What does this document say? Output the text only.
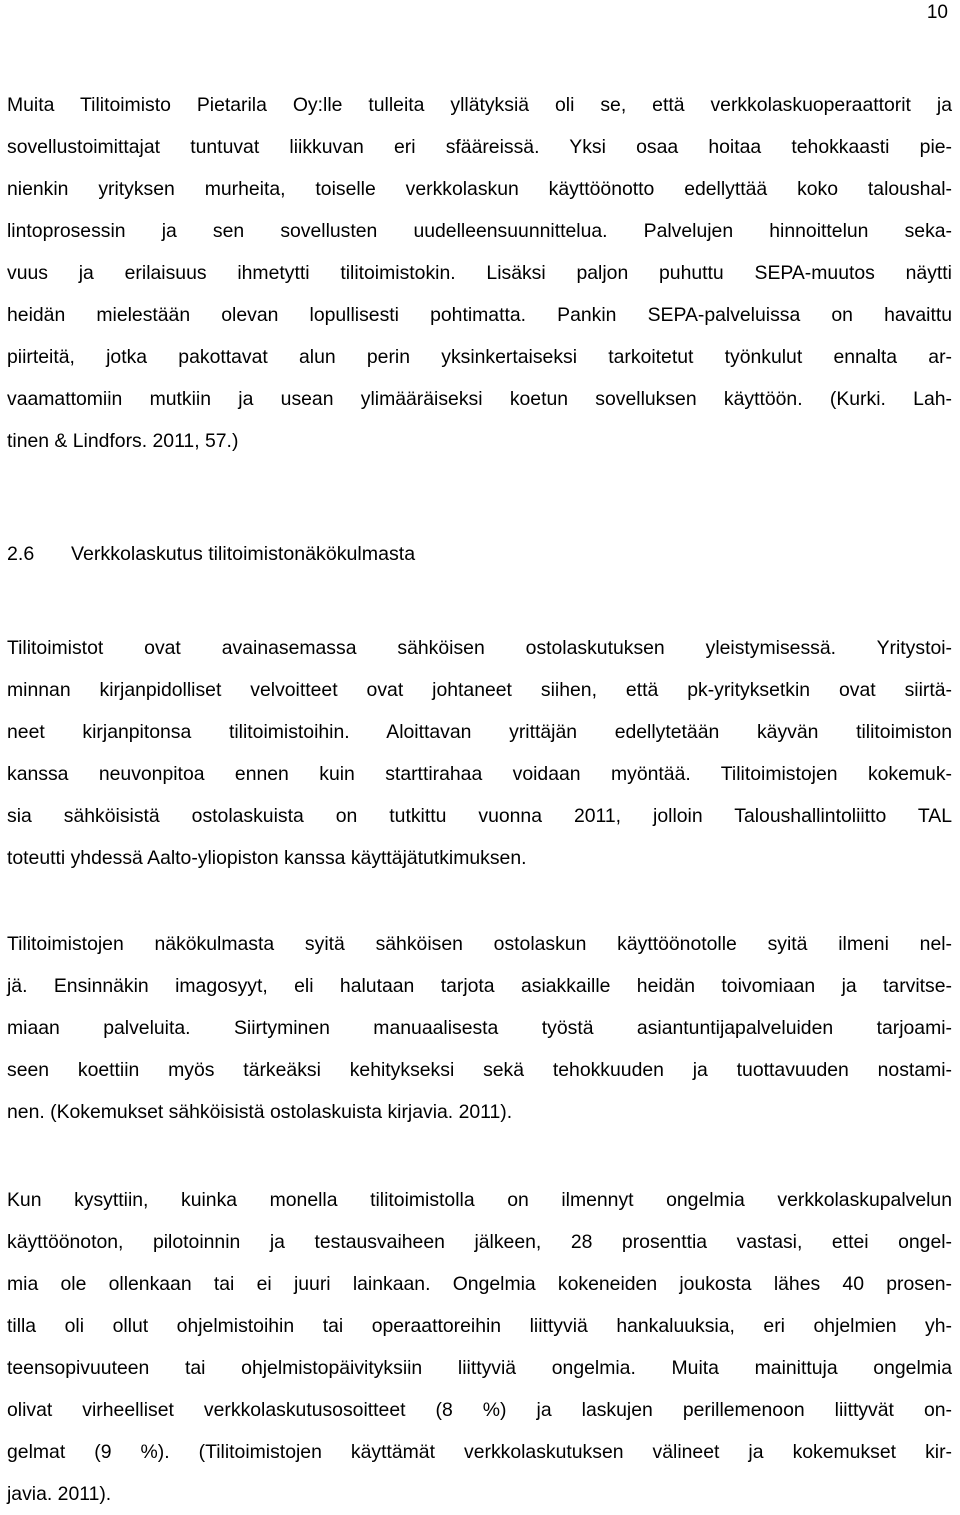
10
Muita Tilitoimisto Pietarila Oy:lle tulleita yllätyksiä oli se, että verkkolaskuoperaattorit ja
sovellustoimittajat tuntuvat liikkuvan eri sfääreissä. Yksi osaa hoitaa tehokkaasti pie-
nienkin yrityksen murheita, toiselle verkkolaskun käyttöönotto edellyttää koko taloushal-
lintoprosessin ja sen sovellusten uudelleensuunnittelua. Palvelujen hinnoittelun seka-
vuus ja erilaisuus ihmetytti tilitoimistokin. Lisäksi paljon puhuttu SEPA-muutos näytti
heidän mielestään olevan lopullisesti pohtimatta. Pankin SEPA-palveluissa on havaittu
piirteitä, jotka pakottavat alun perin yksinkertaiseksi tarkoitetut työnkulut ennalta ar-
vaamattomiin mutkiin ja usean ylimääräiseksi koetun sovelluksen käyttöön. (Kurki. Lah-
tinen & Lindfors. 2011, 57.)
2.6 Verkkolaskutus tilitoimistonäkökulmasta
Tilitoimistot ovat avainasemassa sähköisen ostolaskutuksen yleistymisessä. Yritystoi-
minnan kirjanpidolliset velvoitteet ovat johtaneet siihen, että pk-yrityksetkin ovat siirtä-
neet kirjanpitonsa tilitoimistoihin. Aloittavan yrittäjän edellytetään käyvän tilitoimiston
kanssa neuvonpitoa ennen kuin starttirahaa voidaan myöntää. Tilitoimistojen kokemuk-
sia sähköisistä ostolaskuista on tutkittu vuonna 2011, jolloin Taloushallintoliitto TAL
toteutti yhdessä Aalto-yliopiston kanssa käyttäjätutkimuksen.
Tilitoimistojen näkökulmasta syitä sähköisen ostolaskun käyttöönotolle syitä ilmeni nel-
jä. Ensinnäkin imagosyyt, eli halutaan tarjota asiakkaille heidän toivomiaan ja tarvitse-
miaan palveluita. Siirtyminen manuaalisesta työstä asiantuntijapalveluiden tarjoami-
seen koettiin myös tärkeäksi kehitykseksi sekä tehokkuuden ja tuottavuuden nostami-
nen. (Kokemukset sähköisistä ostolaskuista kirjavia. 2011).
Kun kysyttiin, kuinka monella tilitoimistolla on ilmennyt ongelmia verkkolaskupalvelun
käyttöönoton, pilotoinnin ja testausvaiheen jälkeen, 28 prosenttia vastasi, ettei ongel-
mia ole ollenkaan tai ei juuri lainkaan. Ongelmia kokeneiden joukosta lähes 40 prosen-
tilla oli ollut ohjelmistoihin tai operaattoreihin liittyviä hankaluuksia, eri ohjelmien yh-
teensopivuuteen tai ohjelmistopäivityksiin liittyviä ongelmia. Muita mainittuja ongelmia
olivat virheelliset verkkolaskutusosoitteet (8 %) ja laskujen perillemenoon liittyvät on-
gelmat (9 %). (Tilitoimistojen käyttämät verkkolaskutuksen välineet ja kokemukset kir-
javia. 2011).
